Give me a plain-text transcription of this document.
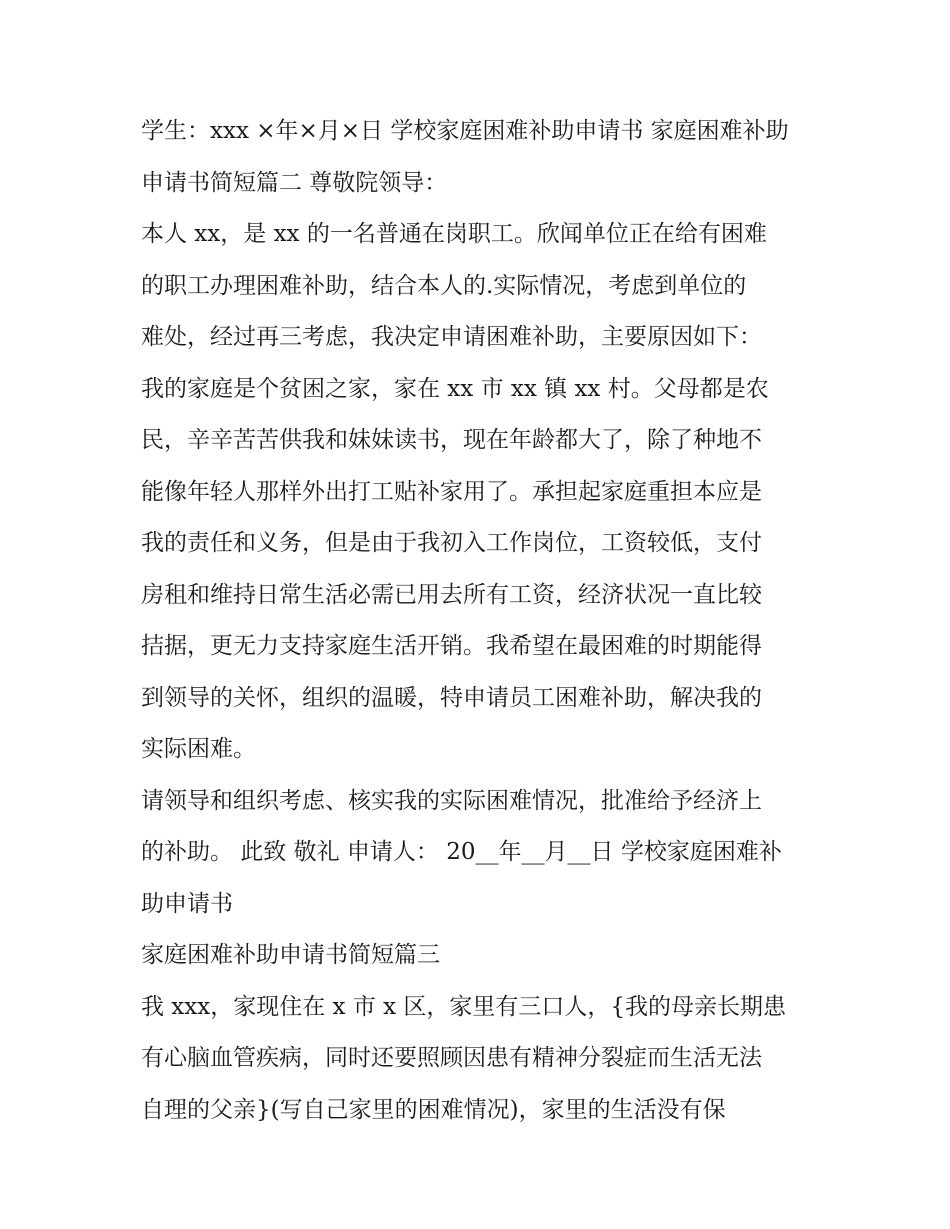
学生：xxx ×年×月×日 学校家庭困难补助申请书 家庭困难补助
申请书简短篇二 尊敬院领导：
本人 xx，是 xx 的一名普通在岗职工。欣闻单位正在给有困难
的职工办理困难补助，结合本人的.实际情况，考虑到单位的
难处，经过再三考虑，我决定申请困难补助，主要原因如下：
我的家庭是个贫困之家，家在 xx 市 xx 镇 xx 村。父母都是农
民，辛辛苦苦供我和妹妹读书，现在年龄都大了，除了种地不
能像年轻人那样外出打工贴补家用了。承担起家庭重担本应是
我的责任和义务，但是由于我初入工作岗位，工资较低，支付
房租和维持日常生活必需已用去所有工资，经济状况一直比较
拮据，更无力支持家庭生活开销。我希望在最困难的时期能得
到领导的关怀，组织的温暖，特申请员工困难补助，解决我的
实际困难。
请领导和组织考虑、核实我的实际困难情况，批准给予经济上
的补助。 此致 敬礼 申请人： 20__年__月__日 学校家庭困难补
助申请书
家庭困难补助申请书简短篇三
我 xxx，家现住在 x 市 x 区，家里有三口人，{我的母亲长期患
有心脑血管疾病，同时还要照顾因患有精神分裂症而生活无法
自理的父亲}(写自己家里的困难情况)，家里的生活没有保
